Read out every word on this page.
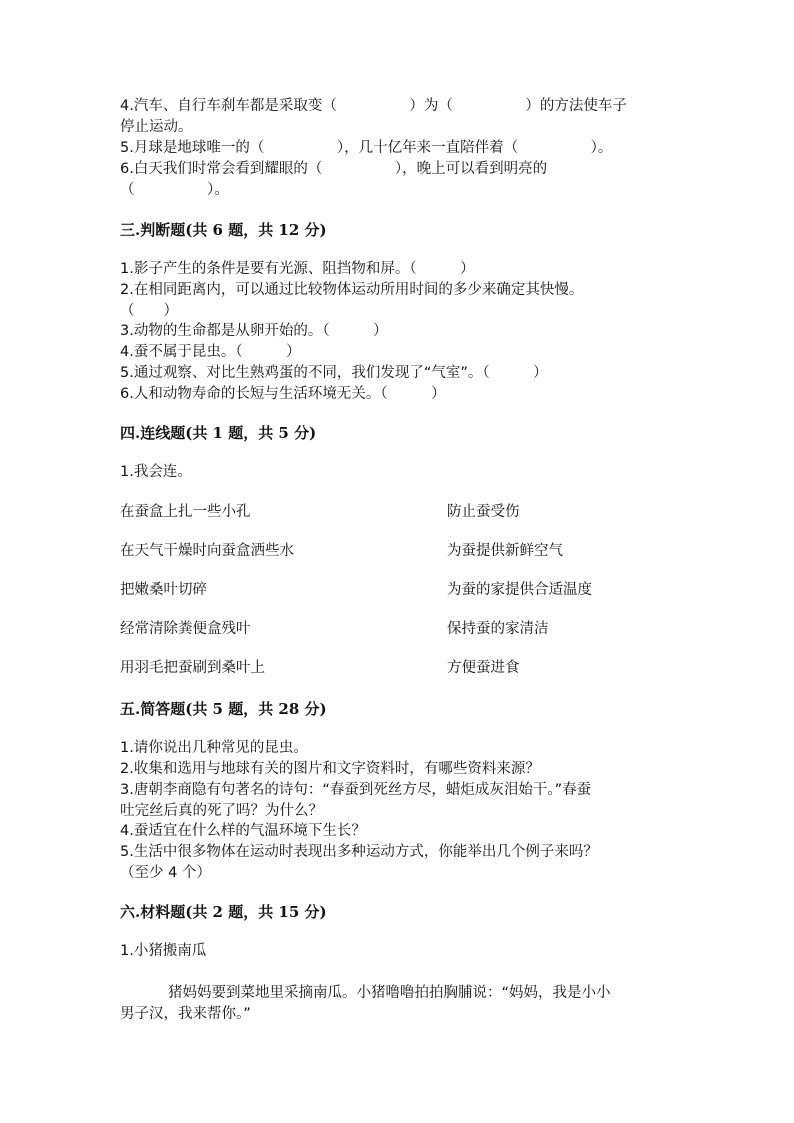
4.汽车、自行车刹车都是采取变（　　　　　）为（　　　　　）的方法使车子
停止运动。
5.月球是地球唯一的（　　　　　），几十亿年来一直陪伴着（　　　　　）。
6.白天我们时常会看到耀眼的（　　　　　），晚上可以看到明亮的
（　　　　　）。
三.判断题(共 6 题，共 12 分)
1.影子产生的条件是要有光源、阻挡物和屏。（　　　）
2.在相同距离内，可以通过比较物体运动所用时间的多少来确定其快慢。
（　　）
3.动物的生命都是从卵开始的。（　　　）
4.蚕不属于昆虫。（　　　）
5.通过观察、对比生熟鸡蛋的不同，我们发现了“气室”。（　　　）
6.人和动物寿命的长短与生活环境无关。（　　　）
四.连线题(共 1 题，共 5 分)
1.我会连。
在蚕盒上扎一些小孔	防止蚕受伤
在天气干燥时向蚕盒洒些水	为蚕提供新鲜空气
把嫩桑叶切碎	为蚕的家提供合适温度
经常清除粪便盒残叶	保持蚕的家清洁
用羽毛把蚕刷到桑叶上	方便蚕进食
五.简答题(共 5 题，共 28 分)
1.请你说出几种常见的昆虫。
2.收集和选用与地球有关的图片和文字资料时，有哪些资料来源？
3.唐朝李商隐有句著名的诗句：“春蚕到死丝方尽，蜡炬成灰泪始干。”春蚕
吐完丝后真的死了吗？为什么？
4.蚕适宜在什么样的气温环境下生长？
5.生活中很多物体在运动时表现出多种运动方式，你能举出几个例子来吗？
（至少 4 个）
六.材料题(共 2 题，共 15 分)
1.小猪搬南瓜
猪妈妈要到菜地里采摘南瓜。小猪噜噜拍拍胸脯说：“妈妈，我是小小
男子汉，我来帮你。”
